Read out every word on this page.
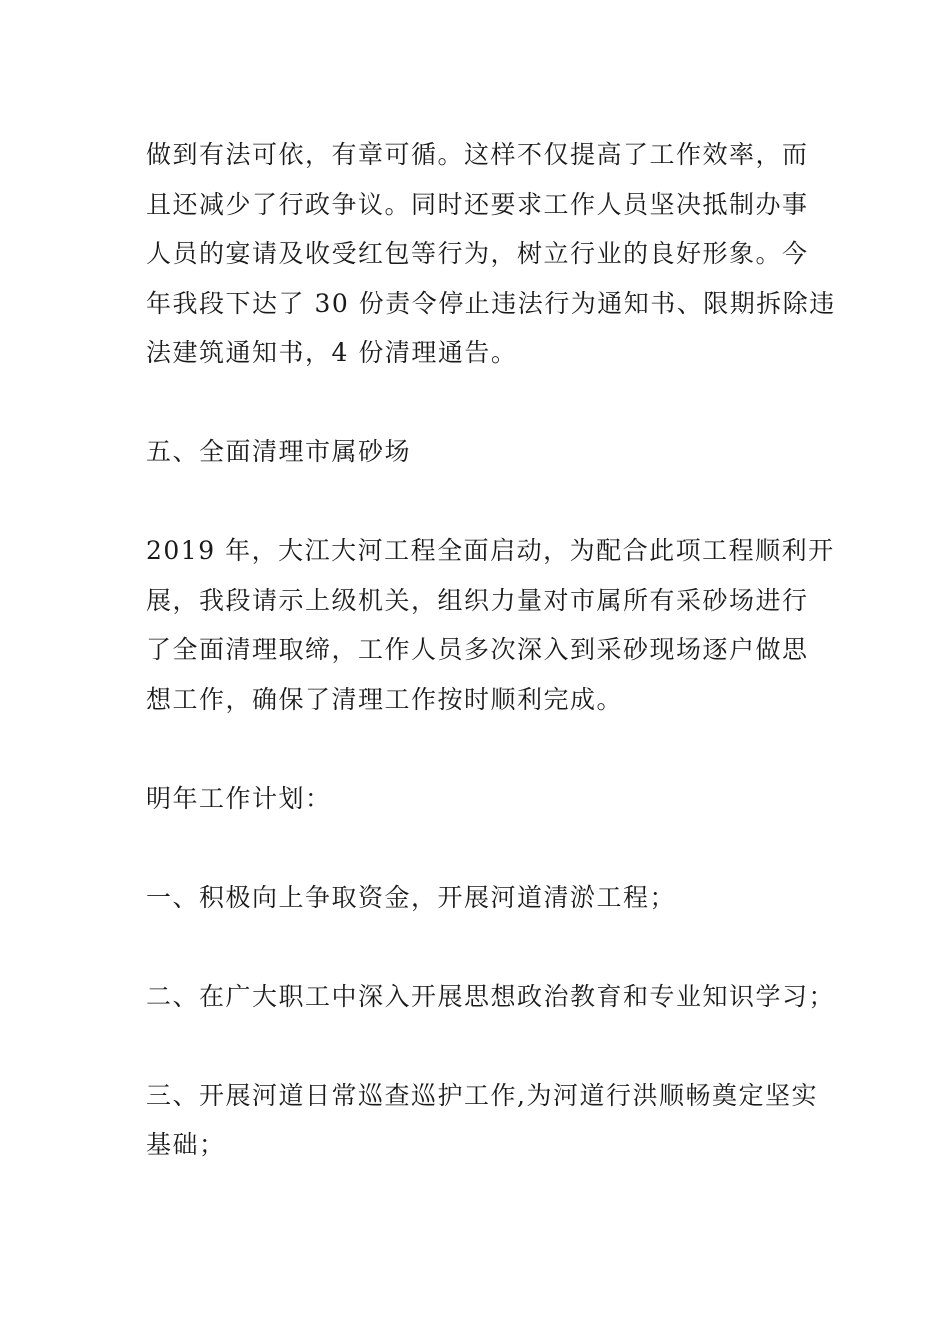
做到有法可依，有章可循。这样不仅提高了工作效率，而
且还减少了行政争议。同时还要求工作人员坚决抵制办事
人员的宴请及收受红包等行为，树立行业的良好形象。今
年我段下达了 30 份责令停止违法行为通知书、限期拆除违
法建筑通知书，4 份清理通告。

五、全面清理市属砂场

2019 年，大江大河工程全面启动，为配合此项工程顺利开
展，我段请示上级机关，组织力量对市属所有采砂场进行
了全面清理取缔，工作人员多次深入到采砂现场逐户做思
想工作，确保了清理工作按时顺利完成。

明年工作计划：

一、积极向上争取资金，开展河道清淤工程；

二、在广大职工中深入开展思想政治教育和专业知识学习；

三、开展河道日常巡查巡护工作,为河道行洪顺畅奠定坚实
基础；
